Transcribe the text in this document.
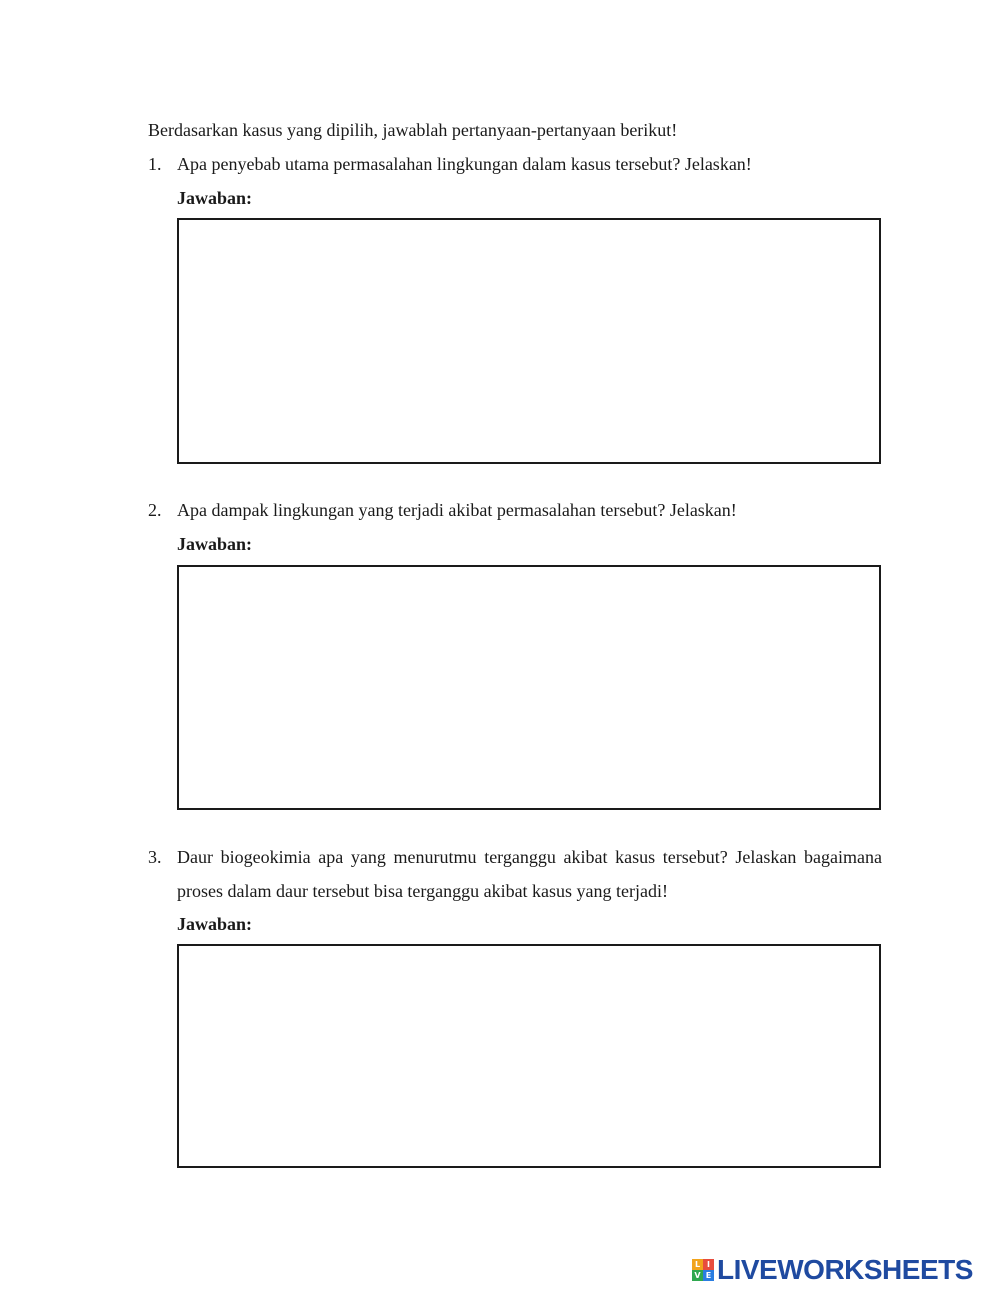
Berdasarkan kasus yang dipilih, jawablah pertanyaan-pertanyaan berikut!
1. Apa penyebab utama permasalahan lingkungan dalam kasus tersebut? Jelaskan!
Jawaban:
2. Apa dampak lingkungan yang terjadi akibat permasalahan tersebut? Jelaskan!
Jawaban:
3. Daur biogeokimia apa yang menurutmu terganggu akibat kasus tersebut? Jelaskan bagaimana proses dalam daur tersebut bisa terganggu akibat kasus yang terjadi!
Jawaban:
L I
V E LIVEWORKSHEETS
